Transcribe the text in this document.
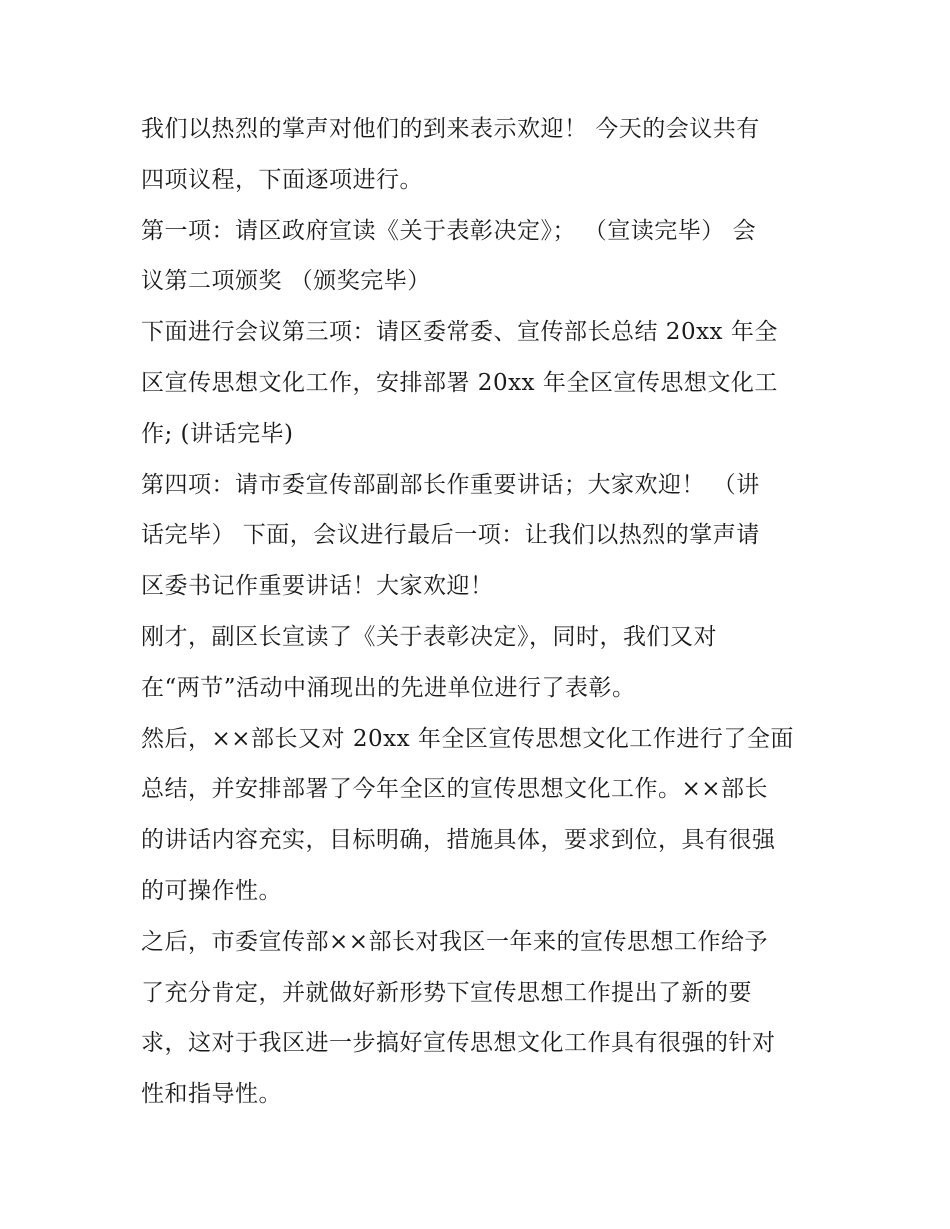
我们以热烈的掌声对他们的到来表示欢迎！ 今天的会议共有
四项议程，下面逐项进行。
第一项：请区政府宣读《关于表彰决定》； （宣读完毕） 会
议第二项颁奖 （颁奖完毕）
下面进行会议第三项：请区委常委、宣传部长总结 20xx 年全
区宣传思想文化工作，安排部署 20xx 年全区宣传思想文化工
作; (讲话完毕)
第四项：请市委宣传部副部长作重要讲话；大家欢迎！ （讲
话完毕） 下面，会议进行最后一项：让我们以热烈的掌声请
区委书记作重要讲话！大家欢迎！
刚才，副区长宣读了《关于表彰决定》，同时，我们又对
在“两节”活动中涌现出的先进单位进行了表彰。
然后，××部长又对 20xx 年全区宣传思想文化工作进行了全面
总结，并安排部署了今年全区的宣传思想文化工作。××部长
的讲话内容充实，目标明确，措施具体，要求到位，具有很强
的可操作性。
之后，市委宣传部××部长对我区一年来的宣传思想工作给予
了充分肯定，并就做好新形势下宣传思想工作提出了新的要
求，这对于我区进一步搞好宣传思想文化工作具有很强的针对
性和指导性。
